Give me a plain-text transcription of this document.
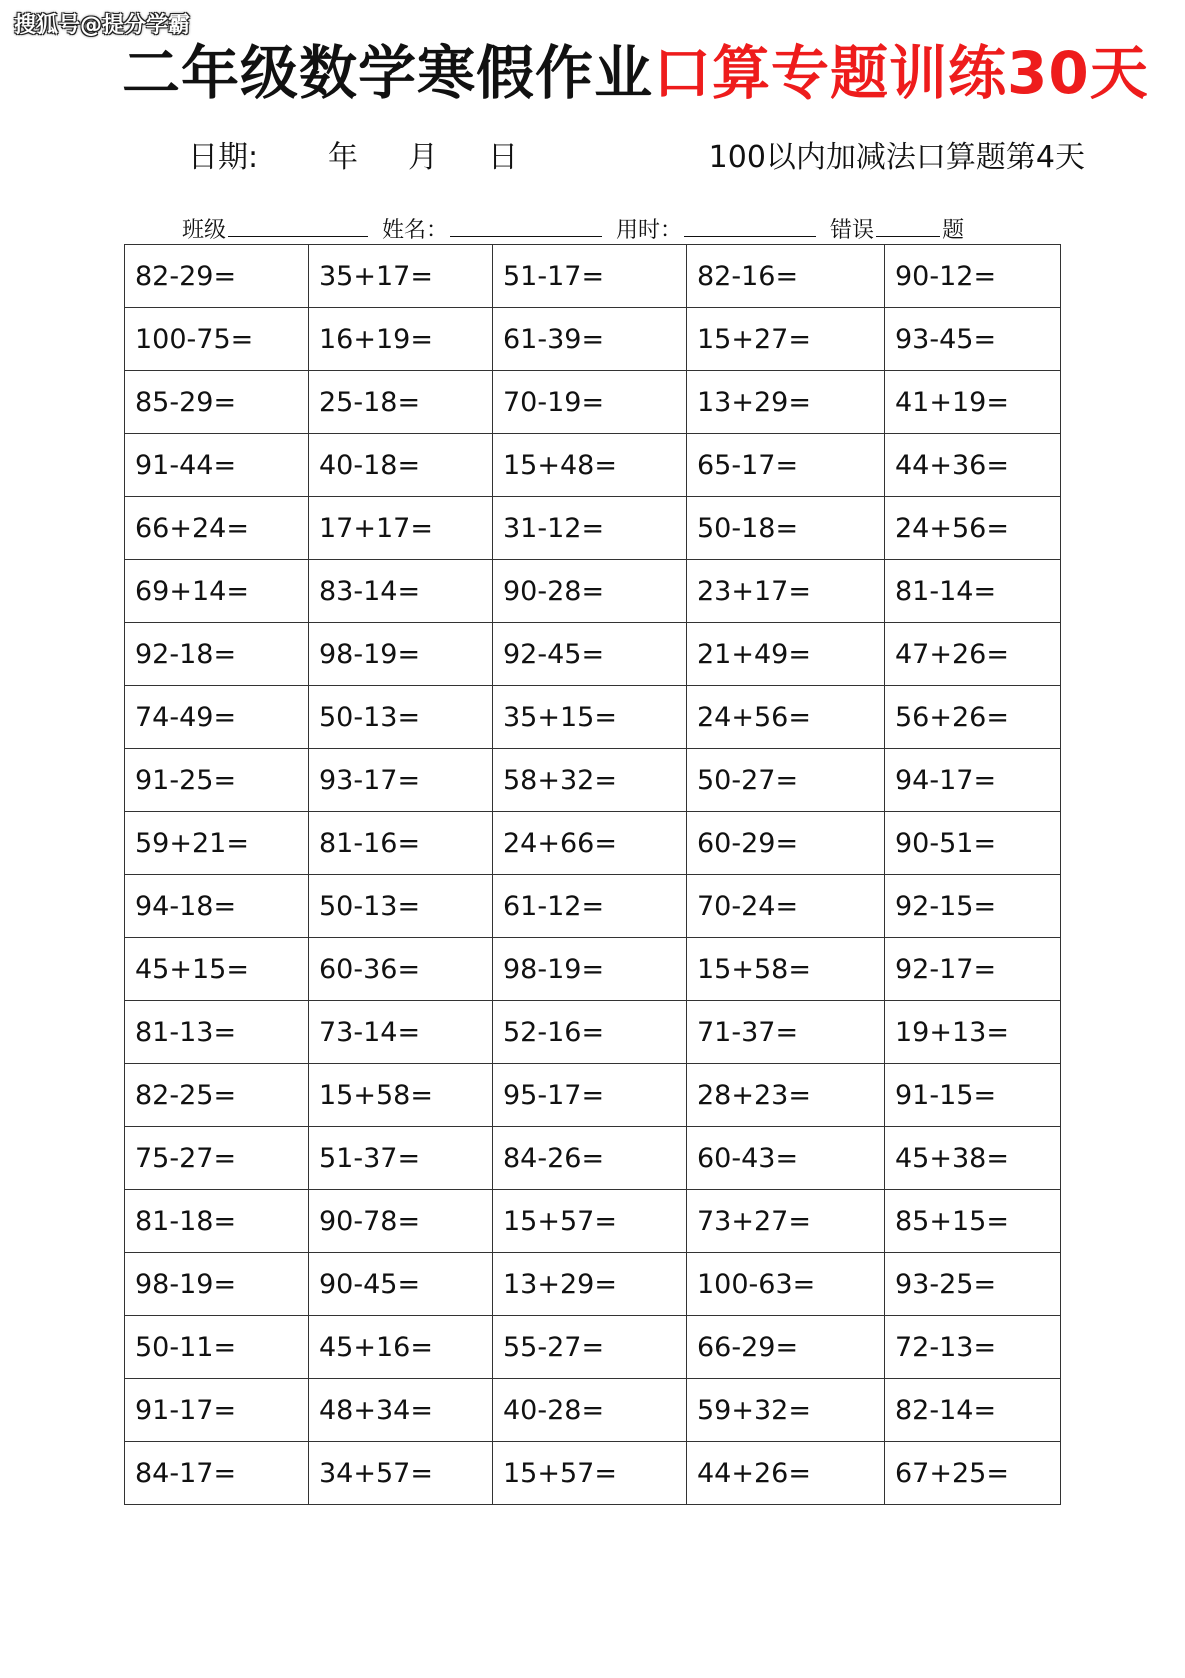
搜狐号@提分学霸
二年级数学寒假作业口算专题训练30天
日期: 年 月 日	100以内加减法口算题第4天
班级	姓名：	用时：	错误	题
82-29=	35+17=	51-17=	82-16=	90-12=
100-75=	16+19=	61-39=	15+27=	93-45=
85-29=	25-18=	70-19=	13+29=	41+19=
91-44=	40-18=	15+48=	65-17=	44+36=
66+24=	17+17=	31-12=	50-18=	24+56=
69+14=	83-14=	90-28=	23+17=	81-14=
92-18=	98-19=	92-45=	21+49=	47+26=
74-49=	50-13=	35+15=	24+56=	56+26=
91-25=	93-17=	58+32=	50-27=	94-17=
59+21=	81-16=	24+66=	60-29=	90-51=
94-18=	50-13=	61-12=	70-24=	92-15=
45+15=	60-36=	98-19=	15+58=	92-17=
81-13=	73-14=	52-16=	71-37=	19+13=
82-25=	15+58=	95-17=	28+23=	91-15=
75-27=	51-37=	84-26=	60-43=	45+38=
81-18=	90-78=	15+57=	73+27=	85+15=
98-19=	90-45=	13+29=	100-63=	93-25=
50-11=	45+16=	55-27=	66-29=	72-13=
91-17=	48+34=	40-28=	59+32=	82-14=
84-17=	34+57=	15+57=	44+26=	67+25=
